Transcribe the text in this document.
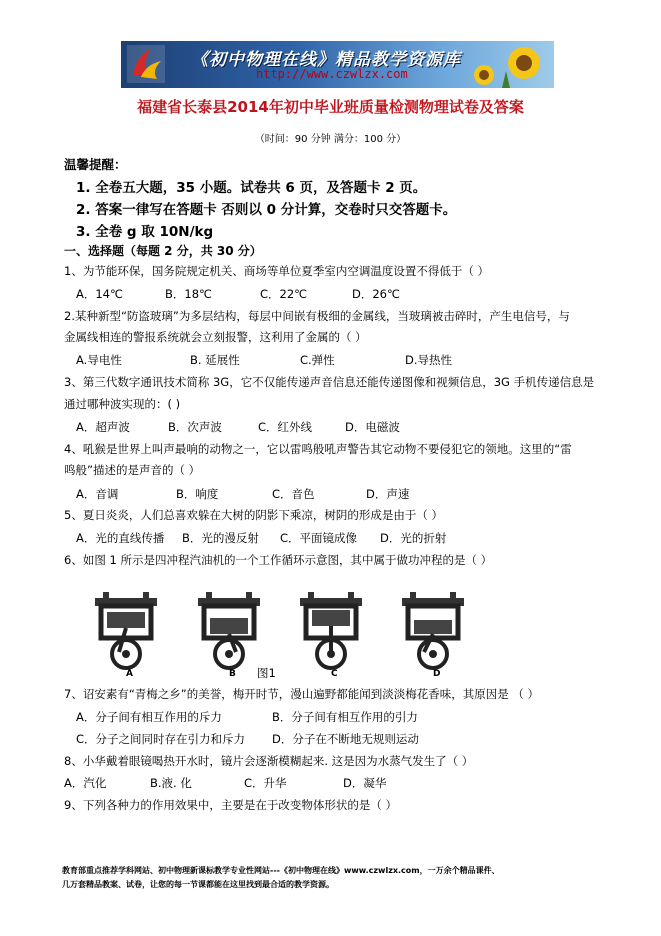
《初中物理在线》精品教学资源库
http://www.czwlzx.com
福建省长泰县2014年初中毕业班质量检测物理试卷及答案
（时间：90 分钟 满分：100 分）
温馨提醒：
1. 全卷五大题，35 小题。试卷共 6 页，及答题卡 2 页。
2. 答案一律写在答题卡 否则以 0 分计算，交卷时只交答题卡。
3. 全卷 g 取 10N/kg
一、选择题（每题 2 分，共 30 分）
1、为节能环保，国务院规定机关、商场等单位夏季室内空调温度设置不得低于（ ）
A．14℃	B．18℃	C．22℃	D．26℃
2.某种新型“防盗玻璃”为多层结构，每层中间嵌有极细的金属线，当玻璃被击碎时，产生电信号，与
金属线相连的警报系统就会立刻报警，这利用了金属的（ ）
A.导电性	B. 延展性	C.弹性	D.导热性
3、第三代数字通讯技术简称 3G，它不仅能传递声音信息还能传递图像和视频信息，3G 手机传递信息是
通过哪种波实现的：( )
A．超声波	B．次声波	C．红外线	D．电磁波
4、吼猴是世界上叫声最响的动物之一，它以雷鸣般吼声警告其它动物不要侵犯它的领地。这里的“雷
鸣般”描述的是声音的（ ）
A．音调	B．响度	C．音色	D．声速
5、夏日炎炎，人们总喜欢躲在大树的阴影下乘凉，树阴的形成是由于（ ）
A．光的直线传播 B．光的漫反射 C．平面镜成像 D．光的折射
6、如图 1 所示是四冲程汽油机的一个工作循环示意图，其中属于做功冲程的是（ ）
A	B	C	D
图1
7、诏安素有“青梅之乡”的美誉，梅开时节，漫山遍野都能闻到淡淡梅花香味，其原因是 （ ）
A．分子间有相互作用的斥力	B．分子间有相互作用的引力
C．分子之间同时存在引力和斥力 D．分子在不断地无规则运动
8、小华戴着眼镜喝热开水时，镜片会逐渐模糊起来. 这是因为水蒸气发生了（ ）
A．汽化	B.液. 化	C．升华	D．凝华
9、下列各种力的作用效果中，主要是在于改变物体形状的是（ ）
教育部重点推荐学科网站、初中物理新课标教学专业性网站---《初中物理在线》www.czwlzx.com，一万余个精品课件、
几万套精品教案、试卷，让您的每一节课都能在这里找到最合适的教学资源。
